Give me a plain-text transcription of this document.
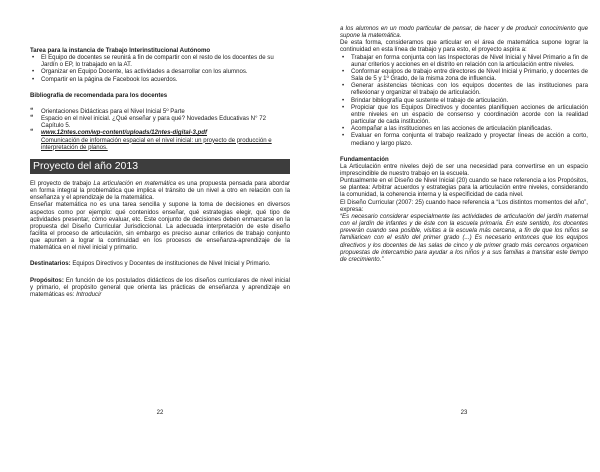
Tarea para la instancia de Trabajo Interinstitucional Autónomo

• El Equipo de docentes se reunirá a fin de compartir con el resto de los docentes de su Jardín o EP, lo trabajado en la AT.
• Organizar en Equipo Docente, las actividades a desarrollar con los alumnos.
• Compartir en la página de Facebook los acuerdos.

Bibliografía de recomendada para los docentes

❝ Orientaciones Didácticas para el Nivel Inicial 5º Parte
❝ Espacio en el nivel inicial. ¿Qué enseñar y para qué? Novedades Educativas N° 72 Capítulo 5.
❝ www.12ntes.com/wp-content/uploads/12ntes-digital-3.pdf
Comunicación de información espacial en el nivel inicial: un proyecto de producción e interpretación de planos.
Proyecto del año 2013

El proyecto de trabajo La articulación en matemática es una propuesta pensada para abordar en forma integral la problemática que implica el tránsito de un nivel a otro en relación con la enseñanza y el aprendizaje de la matemática.

Enseñar matemática no es una tarea sencilla y supone la toma de decisiones en diversos aspectos como por ejemplo: qué contenidos enseñar, qué estrategias elegir, qué tipo de actividades presentar, cómo evaluar, etc. Este conjunto de decisiones deben enmarcarse en la propuesta del Diseño Curricular Jurisdiccional. La adecuada interpretación de este diseño facilita el proceso de articulación, sin embargo es preciso aunar criterios de trabajo conjunto que apunten a lograr la continuidad en los procesos de enseñanza-aprendizaje de la matemática en el nivel inicial y primario.

Destinatarios: Equipos Directivos y Docentes de instituciones de Nivel Inicial y Primario.

Propósitos: En función de los postulados didácticos de los diseños curriculares de nivel inicial y primario, el propósito general que orienta las prácticas de enseñanza y aprendizaje en matemáticas es: Introducir

22

a los alumnos en un modo particular de pensar, de hacer y de producir conocimiento que supone la matemática.

De esta forma, consideramos que articular en el área de matemática supone lograr la continuidad en esta línea de trabajo y para esto, el proyecto aspira a:

• Trabajar en forma conjunta con las Inspectoras de Nivel Inicial y Nivel Primario a fin de aunar criterios y acciones en el distrito en relación con la articulación entre niveles.
• Conformar equipos de trabajo entre directores de Nivel Inicial y Primario, y docentes de Sala de 5 y 1º Grado, de la misma zona de influencia.
• Generar asistencias técnicas con los equipos docentes de las instituciones para reflexionar y organizar el trabajo de articulación.
• Brindar bibliografía que sustente el trabajo de articulación.
• Propiciar que los Equipos Directivos y docentes planifiquen acciones de articulación entre niveles en un espacio de consenso y coordinación acorde con la realidad particular de cada institución.
• Acompañar a las instituciones en las acciones de articulación planificadas.
• Evaluar en forma conjunta el trabajo realizado y proyectar líneas de acción a corto, mediano y largo plazo.

Fundamentación

La Articulación entre niveles dejó de ser una necesidad para convertirse en un espacio imprescindible de nuestro trabajo en la escuela.

Puntualmente en el Diseño de Nivel Inicial (20) cuando se hace referencia a los Propósitos, se plantea: Arbitrar acuerdos y estrategias para la articulación entre niveles, considerando la comunidad, la coherencia interna y la especificidad de cada nivel.

El Diseño Curricular (2007: 25) cuando hace referencia a “Los distintos momentos del año”, expresa:

“Es necesario considerar especialmente las actividades de articulación del jardín maternal con el jardín de infantes y de éste con la escuela primaria. En este sentido, los docentes preverán cuando sea posible, visitas a la escuela más cercana, a fin de que los niños se familiaricen con el estilo del primer grado (...) Es necesario entonces que los equipos directivos y los docentes de las salas de cinco y de primer grado más cercanos organicen propuestas de intercambio para ayudar a los niños y a sus familias a transitar este tiempo de crecimiento.”

23
